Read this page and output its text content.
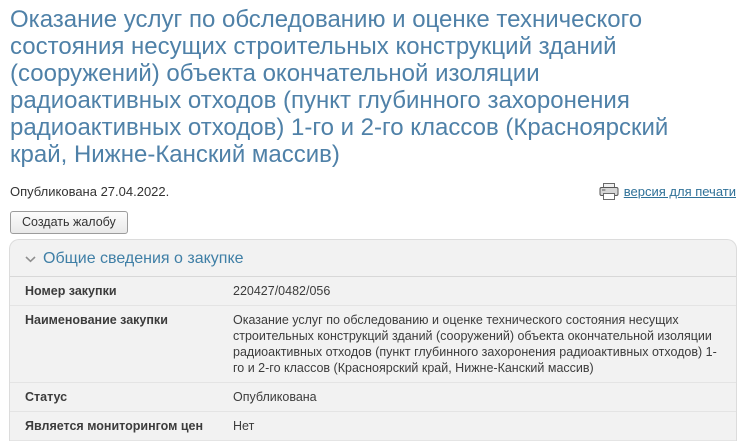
Оказание услуг по обследованию и оценке технического состояния несущих строительных конструкций зданий (сооружений) объекта окончательной изоляции радиоактивных отходов (пункт глубинного захоронения радиоактивных отходов) 1-го и 2-го классов (Красноярский край, Нижне-Канский массив)
Опубликована 27.04.2022.	версия для печати
Создать жалобу
Общие сведения о закупке
Номер закупки	220427/0482/056
Наименование закупки	Оказание услуг по обследованию и оценке технического состояния несущих строительных конструкций зданий (сооружений) объекта окончательной изоляции радиоактивных отходов (пункт глубинного захоронения радиоактивных отходов) 1-го и 2-го классов (Красноярский край, Нижне-Канский массив)
Статус	Опубликована
Является мониторингом цен	Нет
